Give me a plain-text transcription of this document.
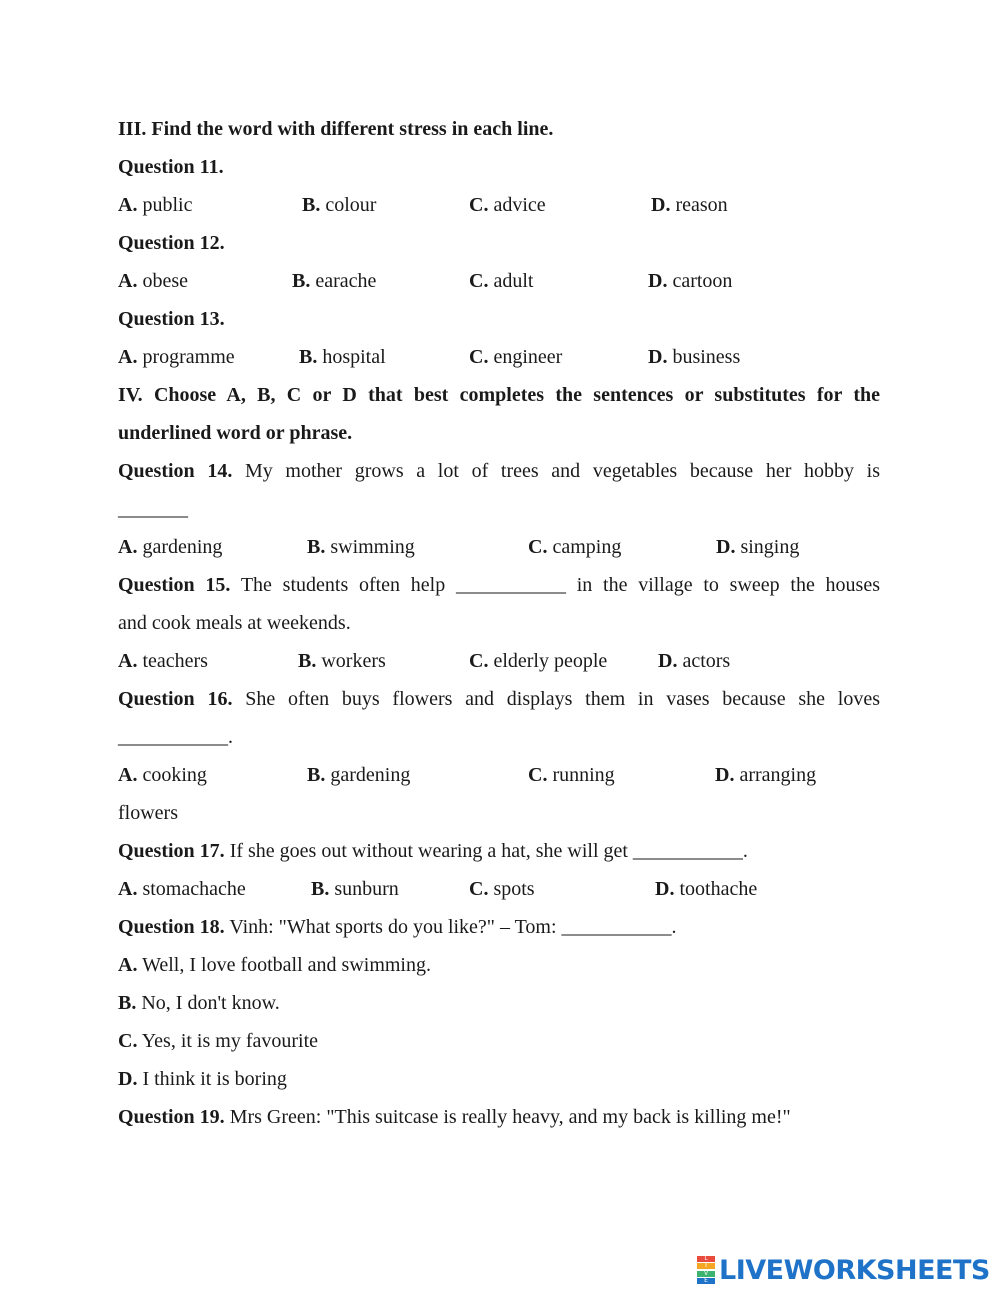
III. Find the word with different stress in each line.
Question 11.
A. public	B. colour	C. advice	D. reason
Question 12.
A. obese	B. earache	C. adult	D. cartoon
Question 13.
A. programme	B. hospital	C. engineer	D. business
IV. Choose A, B, C or D that best completes the sentences or substitutes for the
underlined word or phrase.
Question 14. My mother grows a lot of trees and vegetables because her hobby is
_______
A. gardening	B. swimming	C. camping	D. singing
Question 15. The students often help ___________ in the village to sweep the houses
and cook meals at weekends.
A. teachers	B. workers	C. elderly people	D. actors
Question 16. She often buys flowers and displays them in vases because she loves
___________.
A. cooking	B. gardening	C. running	D. arranging
flowers
Question 17. If she goes out without wearing a hat, she will get ___________.
A. stomachache	B. sunburn	C. spots	D. toothache
Question 18. Vinh: "What sports do you like?" – Tom: ___________.
A. Well, I love football and swimming.
B. No, I don't know.
C. Yes, it is my favourite
D. I think it is boring
Question 19. Mrs Green: "This suitcase is really heavy, and my back is killing me!"
L
I
V
E LIVEWORKSHEETS
